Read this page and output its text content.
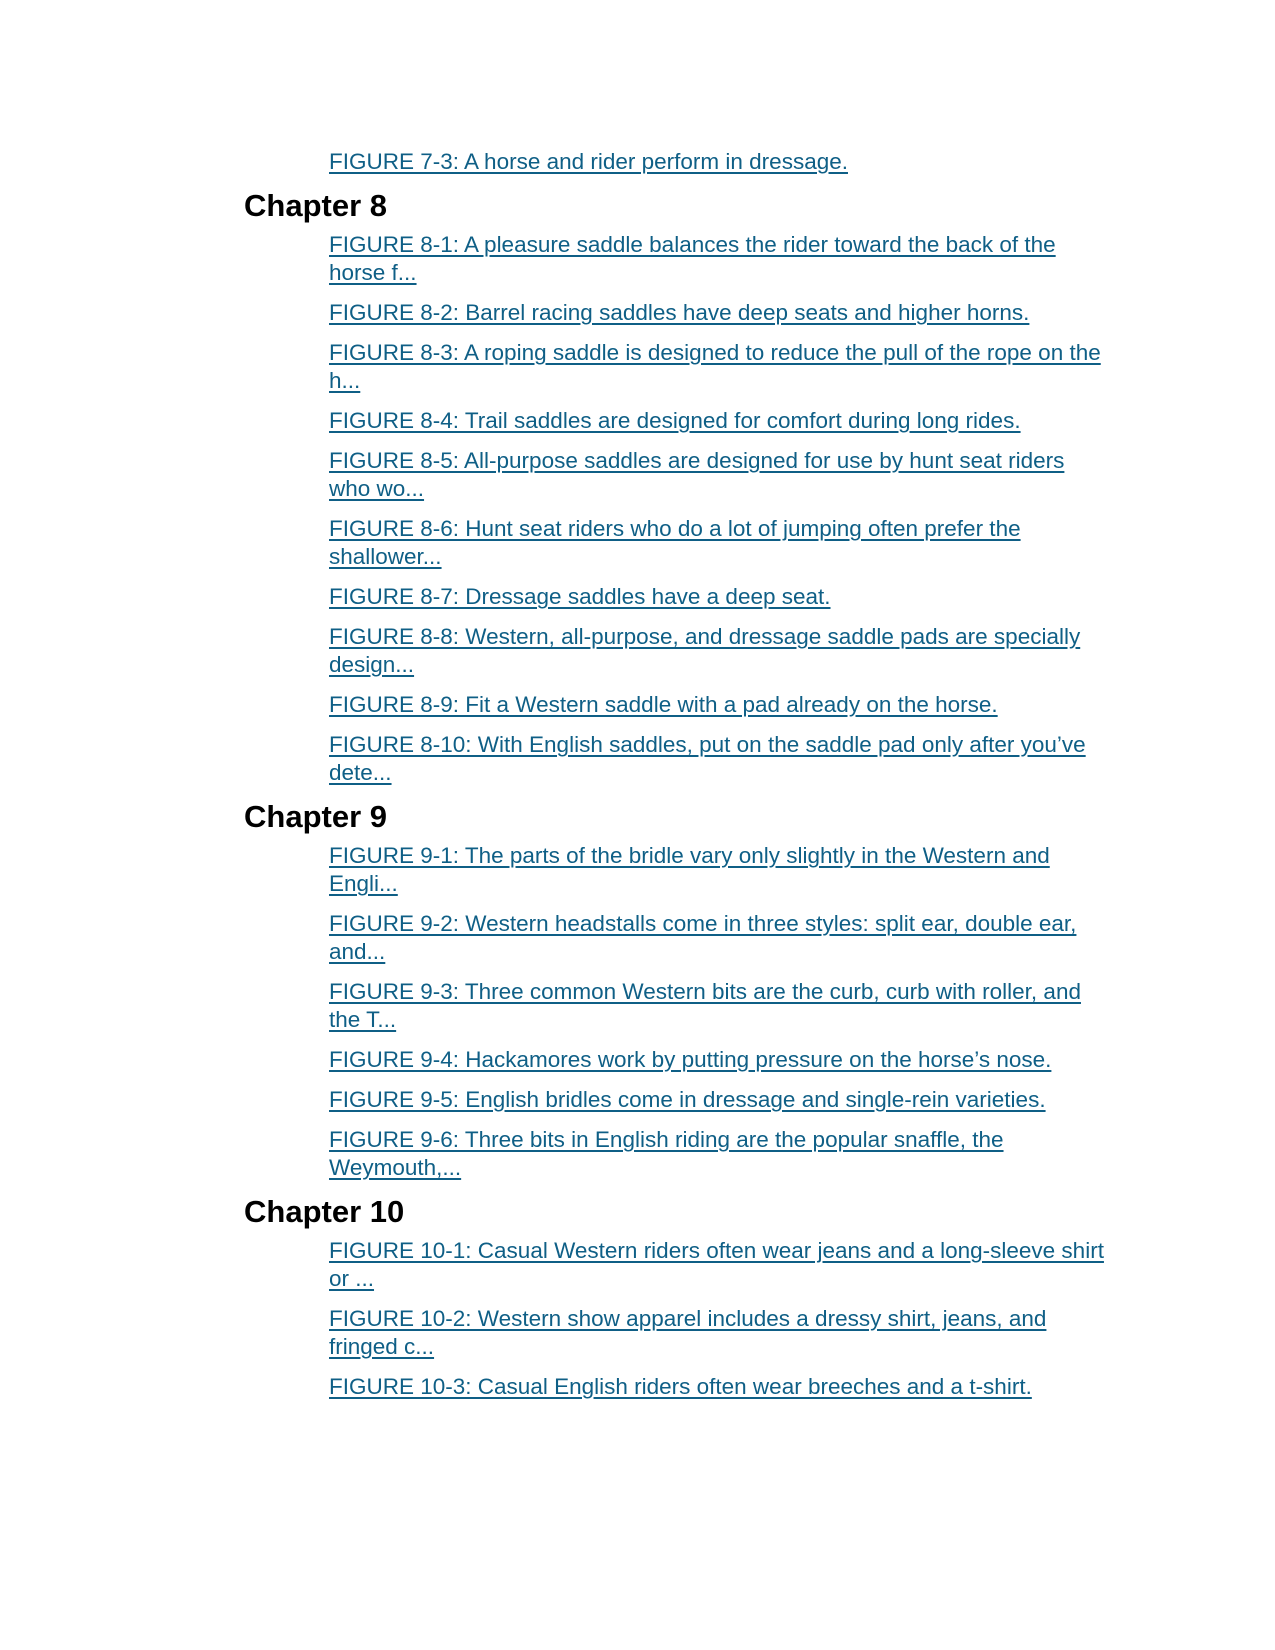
FIGURE 7-3: A horse and rider perform in dressage.
Chapter 8
FIGURE 8-1: A pleasure saddle balances the rider toward the back of the horse f...
FIGURE 8-2: Barrel racing saddles have deep seats and higher horns.
FIGURE 8-3: A roping saddle is designed to reduce the pull of the rope on the h...
FIGURE 8-4: Trail saddles are designed for comfort during long rides.
FIGURE 8-5: All-purpose saddles are designed for use by hunt seat riders who wo...
FIGURE 8-6: Hunt seat riders who do a lot of jumping often prefer the shallower...
FIGURE 8-7: Dressage saddles have a deep seat.
FIGURE 8-8: Western, all-purpose, and dressage saddle pads are specially design...
FIGURE 8-9: Fit a Western saddle with a pad already on the horse.
FIGURE 8-10: With English saddles, put on the saddle pad only after you’ve dete...
Chapter 9
FIGURE 9-1: The parts of the bridle vary only slightly in the Western and Engli...
FIGURE 9-2: Western headstalls come in three styles: split ear, double ear, and...
FIGURE 9-3: Three common Western bits are the curb, curb with roller, and the T...
FIGURE 9-4: Hackamores work by putting pressure on the horse’s nose.
FIGURE 9-5: English bridles come in dressage and single-rein varieties.
FIGURE 9-6: Three bits in English riding are the popular snaffle, the Weymouth,...
Chapter 10
FIGURE 10-1: Casual Western riders often wear jeans and a long-sleeve shirt or ...
FIGURE 10-2: Western show apparel includes a dressy shirt, jeans, and fringed c...
FIGURE 10-3: Casual English riders often wear breeches and a t-shirt.
